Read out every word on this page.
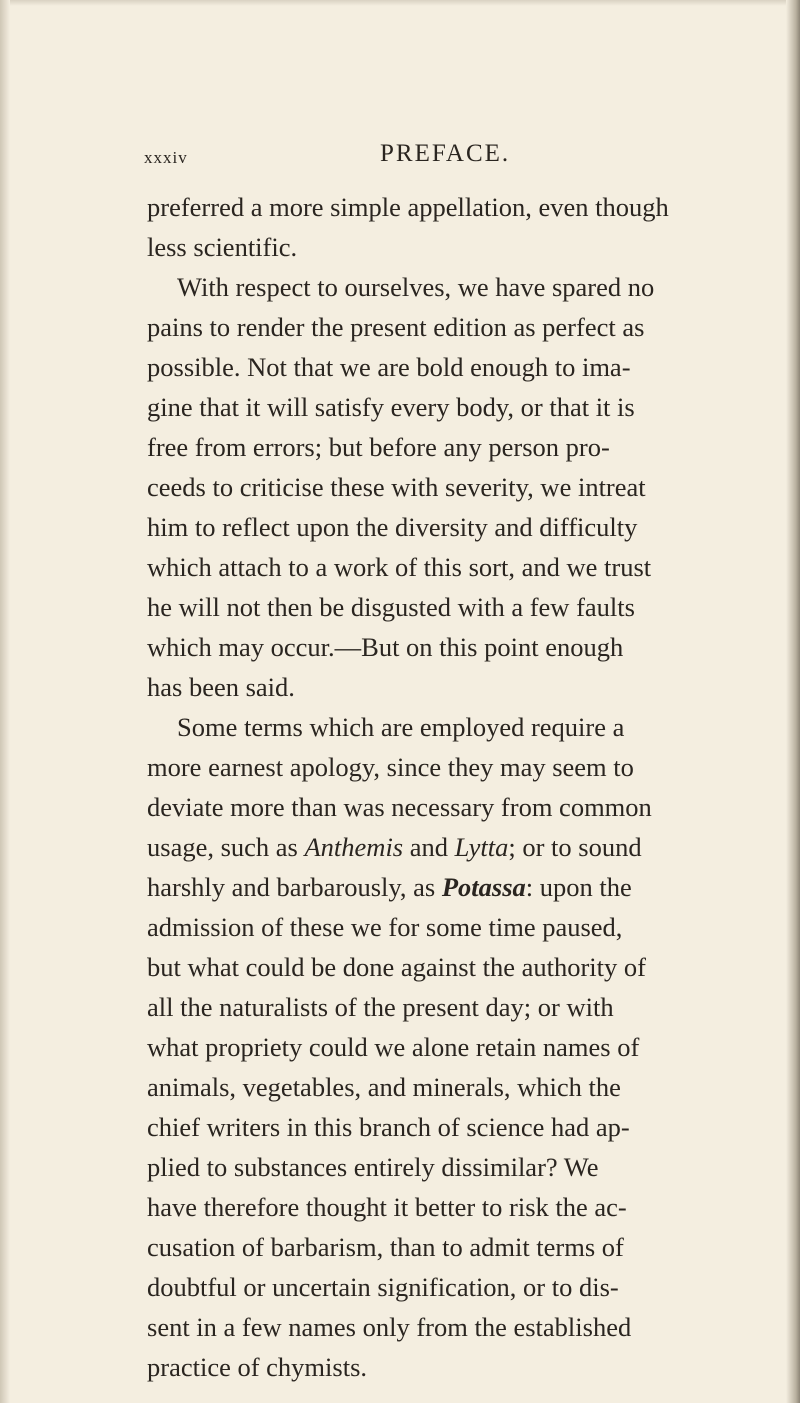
xxxiv	PREFACE.
preferred a more simple appellation, even though
less scientific.
With respect to ourselves, we have spared no
pains to render the present edition as perfect as
possible. Not that we are bold enough to ima-
gine that it will satisfy every body, or that it is
free from errors; but before any person pro-
ceeds to criticise these with severity, we intreat
him to reflect upon the diversity and difficulty
which attach to a work of this sort, and we trust
he will not then be disgusted with a few faults
which may occur.—But on this point enough
has been said.
Some terms which are employed require a
more earnest apology, since they may seem to
deviate more than was necessary from common
usage, such as Anthemis and Lytta; or to sound
harshly and barbarously, as Potassa: upon the
admission of these we for some time paused,
but what could be done against the authority of
all the naturalists of the present day; or with
what propriety could we alone retain names of
animals, vegetables, and minerals, which the
chief writers in this branch of science had ap-
plied to substances entirely dissimilar? We
have therefore thought it better to risk the ac-
cusation of barbarism, than to admit terms of
doubtful or uncertain signification, or to dis-
sent in a few names only from the established
practice of chymists.
